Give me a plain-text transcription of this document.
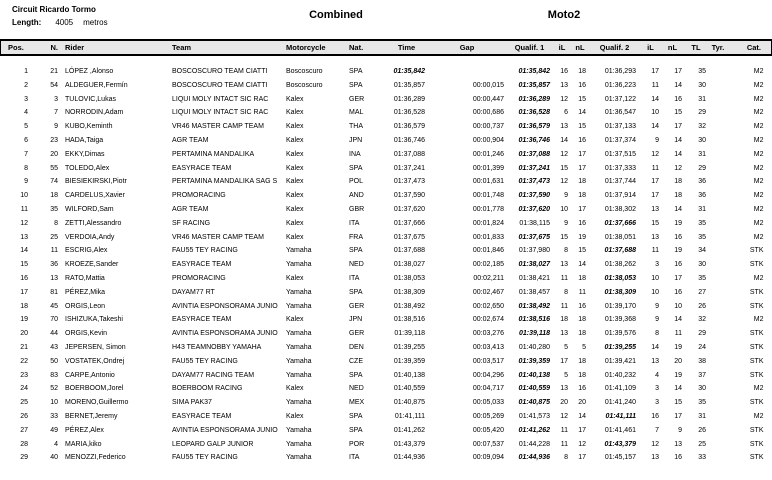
Circuit Ricardo Tormo
Length: 4005 metros
Combined	Moto2
Pos.	N.	Rider	Team	Motorcycle	Nat.	Time	Gap	Qualif. 1	iL	nL	Qualif. 2	iL	nL	TL	Tyr.	Cat.
1	21	LÓPEZ ,Alonso	BOSCOSCURO TEAM CIATTI	Boscoscuro	SPA	01:35,842		01:35,842	16	18	01:36,293	17	17	35		M2
2	54	ALDEGUER,Fermín	BOSCOSCURO TEAM CIATTI	Boscoscuro	SPA	01:35,857	00:00,015	01:35,857	13	16	01:36,223	11	14	30		M2
3	3	TULOVIC,Lukas	LIQUI MOLY INTACT SIC RAC	Kalex	GER	01:36,289	00:00,447	01:36,289	12	15	01:37,122	14	16	31		M2
4	7	NORRODIN,Adam	LIQUI MOLY INTACT SIC RAC	Kalex	MAL	01:36,528	00:00,686	01:36,528	6	14	01:36,547	10	15	29		M2
5	9	KUBO,Keminth	VR46 MASTER CAMP TEAM	Kalex	THA	01:36,579	00:00,737	01:36,579	13	15	01:37,133	14	17	32		M2
6	23	HADA,Taiga	AGR TEAM	Kalex	JPN	01:36,746	00:00,904	01:36,746	14	16	01:37,374	9	14	30		M2
7	20	EKKY,Dimas	PERTAMINA MANDALIKA	Kalex	INA	01:37,088	00:01,246	01:37,088	12	17	01:37,515	12	14	31		M2
8	55	TOLEDO,Alex	EASYRACE TEAM	Kalex	SPA	01:37,241	00:01,399	01:37,241	15	17	01:37,333	11	12	29		M2
9	74	BIESIEKIRSKI,Piotr	PERTAMINA MANDALIKA SAG S	Kalex	POL	01:37,473	00:01,631	01:37,473	12	18	01:37,744	17	18	36		M2
10	18	CARDELUS,Xavier	PROMORACING	Kalex	AND	01:37,590	00:01,748	01:37,590	9	18	01:37,914	17	18	36		M2
11	35	WILFORD,Sam	AGR TEAM	Kalex	GBR	01:37,620	00:01,778	01:37,620	10	17	01:38,302	13	14	31		M2
12	8	ZETTI,Alessandro	SF RACING	Kalex	ITA	01:37,666	00:01,824	01:38,115	9	16	01:37,666	15	19	35		M2
13	25	VERDOIA,Andy	VR46 MASTER CAMP TEAM	Kalex	FRA	01:37,675	00:01,833	01:37,675	15	19	01:38,051	13	16	35		M2
14	11	ESCRIG,Alex	FAU55 TEY RACING	Yamaha	SPA	01:37,688	00:01,846	01:37,980	8	15	01:37,688	11	19	34		STK
15	36	KROEZE,Sander	EASYRACE TEAM	Yamaha	NED	01:38,027	00:02,185	01:38,027	13	14	01:38,262	3	16	30		STK
16	13	RATO,Mattia	PROMORACING	Kalex	ITA	01:38,053	00:02,211	01:38,421	11	18	01:38,053	10	17	35		M2
17	81	PÉREZ,Mika	DAYAM77 RT	Yamaha	SPA	01:38,309	00:02,467	01:38,457	8	11	01:38,309	10	16	27		STK
18	45	ORGIS,Leon	AVINTIA ESPONSORAMA JUNIO	Yamaha	GER	01:38,492	00:02,650	01:38,492	11	16	01:39,170	9	10	26		STK
19	70	ISHIZUKA,Takeshi	EASYRACE TEAM	Kalex	JPN	01:38,516	00:02,674	01:38,516	18	18	01:39,368	9	14	32		M2
20	44	ORGIS,Kevin	AVINTIA ESPONSORAMA JUNIO	Yamaha	GER	01:39,118	00:03,276	01:39,118	13	18	01:39,576	8	11	29		STK
21	43	JEPERSEN, Simon	H43 TEAMNOBBY YAMAHA	Yamaha	DEN	01:39,255	00:03,413	01:40,280	5	5	01:39,255	14	19	24		STK
22	50	VOSTATEK,Ondrej	FAU55 TEY RACING	Yamaha	CZE	01:39,359	00:03,517	01:39,359	17	18	01:39,421	13	20	38		STK
23	83	CARPE,Antonio	DAYAM77 RACING TEAM	Yamaha	SPA	01:40,138	00:04,296	01:40,138	5	18	01:40,232	4	19	37		STK
24	52	BOERBOOM,Jorel	BOERBOOM RACING	Kalex	NED	01:40,559	00:04,717	01:40,559	13	16	01:41,109	3	14	30		M2
25	10	MORENO,Guillermo	SIMA PAK37	Yamaha	MEX	01:40,875	00:05,033	01:40,875	20	20	01:41,240	3	15	35		STK
26	33	BERNET,Jeremy	EASYRACE TEAM	Kalex	SPA	01:41,111	00:05,269	01:41,573	12	14	01:41,111	16	17	31		M2
27	49	PÉREZ,Alex	AVINTIA ESPONSORAMA JUNIO	Yamaha	SPA	01:41,262	00:05,420	01:41,262	11	17	01:41,461	7	9	26		STK
28	4	MARIA,kiko	LEOPARD GALP JUNIOR	Yamaha	POR	01:43,379	00:07,537	01:44,228	11	12	01:43,379	12	13	25		STK
29	40	MENOZZI,Federico	FAU55 TEY RACING	Yamaha	ITA	01:44,936	00:09,094	01:44,936	8	17	01:45,157	13	16	33		STK
